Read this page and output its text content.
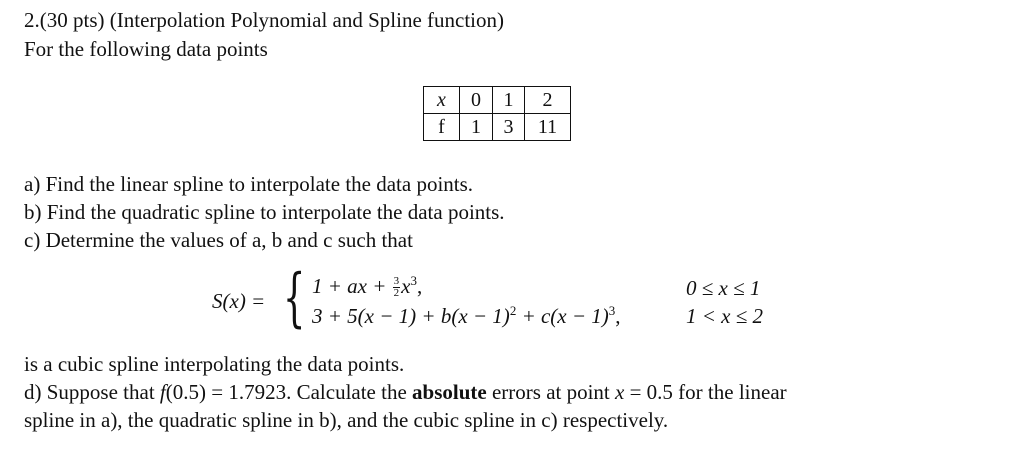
2.(30 pts) (Interpolation Polynomial and Spline function)
For the following data points
x	0	1	2
f	1	3	11
a) Find the linear spline to interpolate the data points.
b) Find the quadratic spline to interpolate the data points.
c) Determine the values of a, b and c such that
S(x) = { 1 + ax + $\frac{3}{2} x^3$,	0 ≤ x ≤ 1
$3 + 5(x - 1) + b(x - 1)^2 + c(x - 1)^3$,	1 < x ≤ 2
is a cubic spline interpolating the data points.
d) Suppose that f(0.5) = 1.7923. Calculate the absolute errors at point x = 0.5 for the linear
spline in a), the quadratic spline in b), and the cubic spline in c) respectively.
